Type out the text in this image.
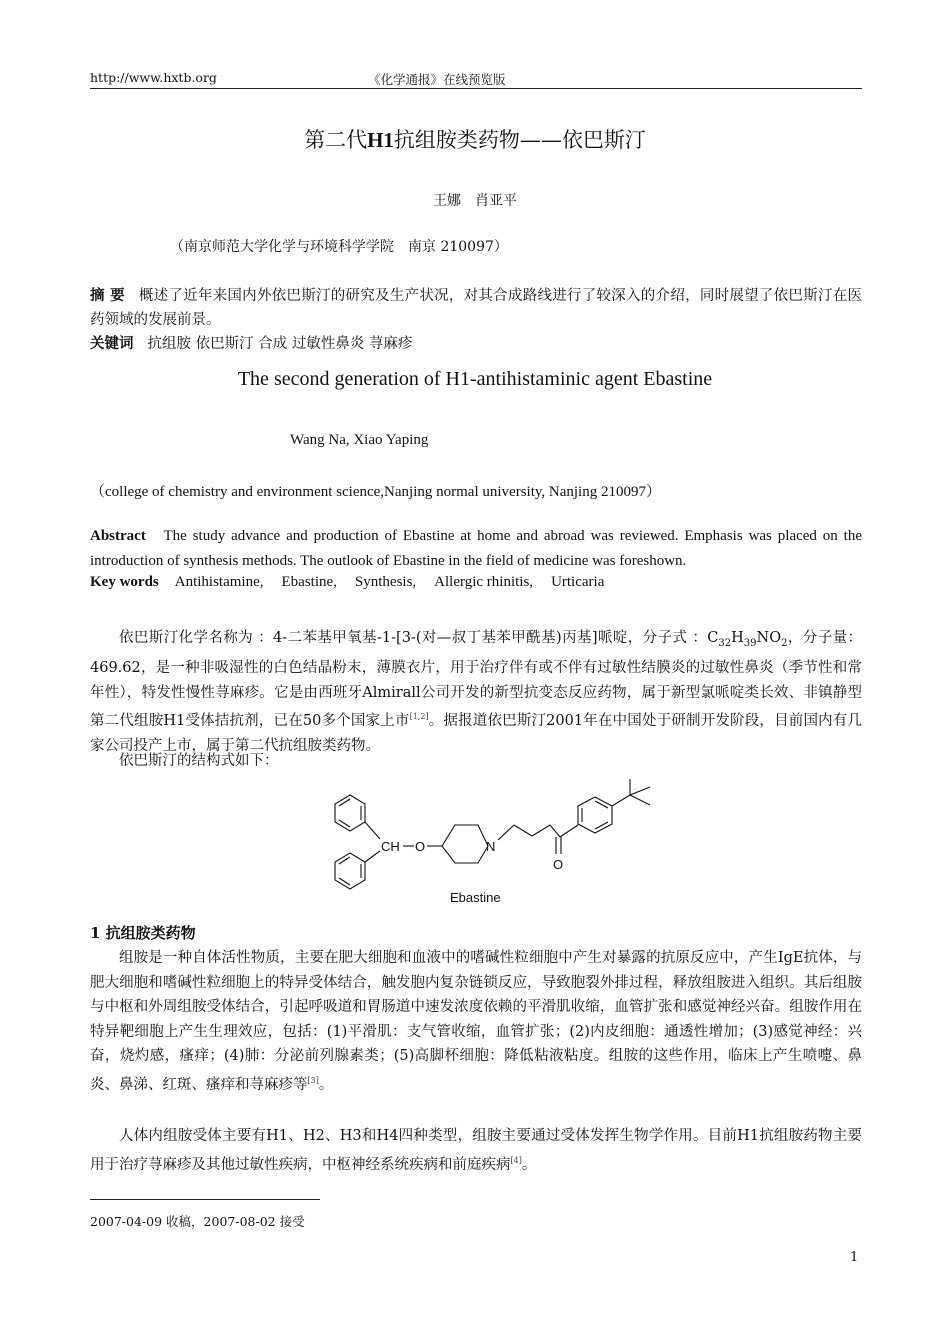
http://www.hxtb.org	《化学通报》在线预览版
第二代H1抗组胺类药物——依巴斯汀
王娜　肖亚平
（南京师范大学化学与环境科学学院　南京 210097）
摘 要 概述了近年来国内外依巴斯汀的研究及生产状况，对其合成路线进行了较深入的介绍，同时展望了依巴斯汀在医药领域的发展前景。
关键词 抗组胺 依巴斯汀 合成 过敏性鼻炎 荨麻疹
The second generation of H1-antihistaminic agent Ebastine
Wang Na, Xiao Yaping
（college of chemistry and environment science,Nanjing normal university, Nanjing 210097）
Abstract The study advance and production of Ebastine at home and abroad was reviewed. Emphasis was placed on the introduction of synthesis methods. The outlook of Ebastine in the field of medicine was foreshown.
Key words Antihistamine, Ebastine, Synthesis, Allergic rhinitis, Urticaria
依巴斯汀化学名称为 ：4-二苯基甲氧基-1-[3-(对—叔丁基苯甲酰基)丙基]哌啶，分子式 ：$C_{32}H_{39}NO_2$，分子量：469.62，是一种非吸湿性的白色结晶粉末，薄膜衣片，用于治疗伴有或不伴有过敏性结膜炎的过敏性鼻炎（季节性和常年性），特发性慢性荨麻疹。它是由西班牙Almirall公司开发的新型抗变态反应药物，属于新型氯哌啶类长效、非镇静型第二代组胺H1受体拮抗剂，已在50多个国家上市[1,2]。据报道依巴斯汀2001年在中国处于研制开发阶段，目前国内有几家公司投产上市，属于第二代抗组胺类药物。
依巴斯汀的结构式如下：
CH O	N
O
Ebastine
1 抗组胺类药物
组胺是一种自体活性物质，主要在肥大细胞和血液中的嗜碱性粒细胞中产生对暴露的抗原反应中，产生IgE抗体，与肥大细胞和嗜碱性粒细胞上的特异受体结合，触发胞内复杂链锁反应，导致胞裂外排过程，释放组胺进入组织。其后组胺与中枢和外周组胺受体结合，引起呼吸道和胃肠道中速发浓度依赖的平滑肌收缩，血管扩张和感觉神经兴奋。组胺作用在特异靶细胞上产生生理效应，包括：(1)平滑肌：支气管收缩，血管扩张；(2)内皮细胞：通透性增加；(3)感觉神经：兴奋，烧灼感，瘙痒；(4)肺：分泌前列腺素类；(5)高脚杯细胞：降低粘液粘度。组胺的这些作用，临床上产生喷嚏、鼻炎、鼻涕、红斑、瘙痒和荨麻疹等[3]。
人体内组胺受体主要有H1、H2、H3和H4四种类型，组胺主要通过受体发挥生物学作用。目前H1抗组胺药物主要用于治疗荨麻疹及其他过敏性疾病，中枢神经系统疾病和前庭疾病[4]。
2007-04-09 收稿，2007-08-02 接受
1
